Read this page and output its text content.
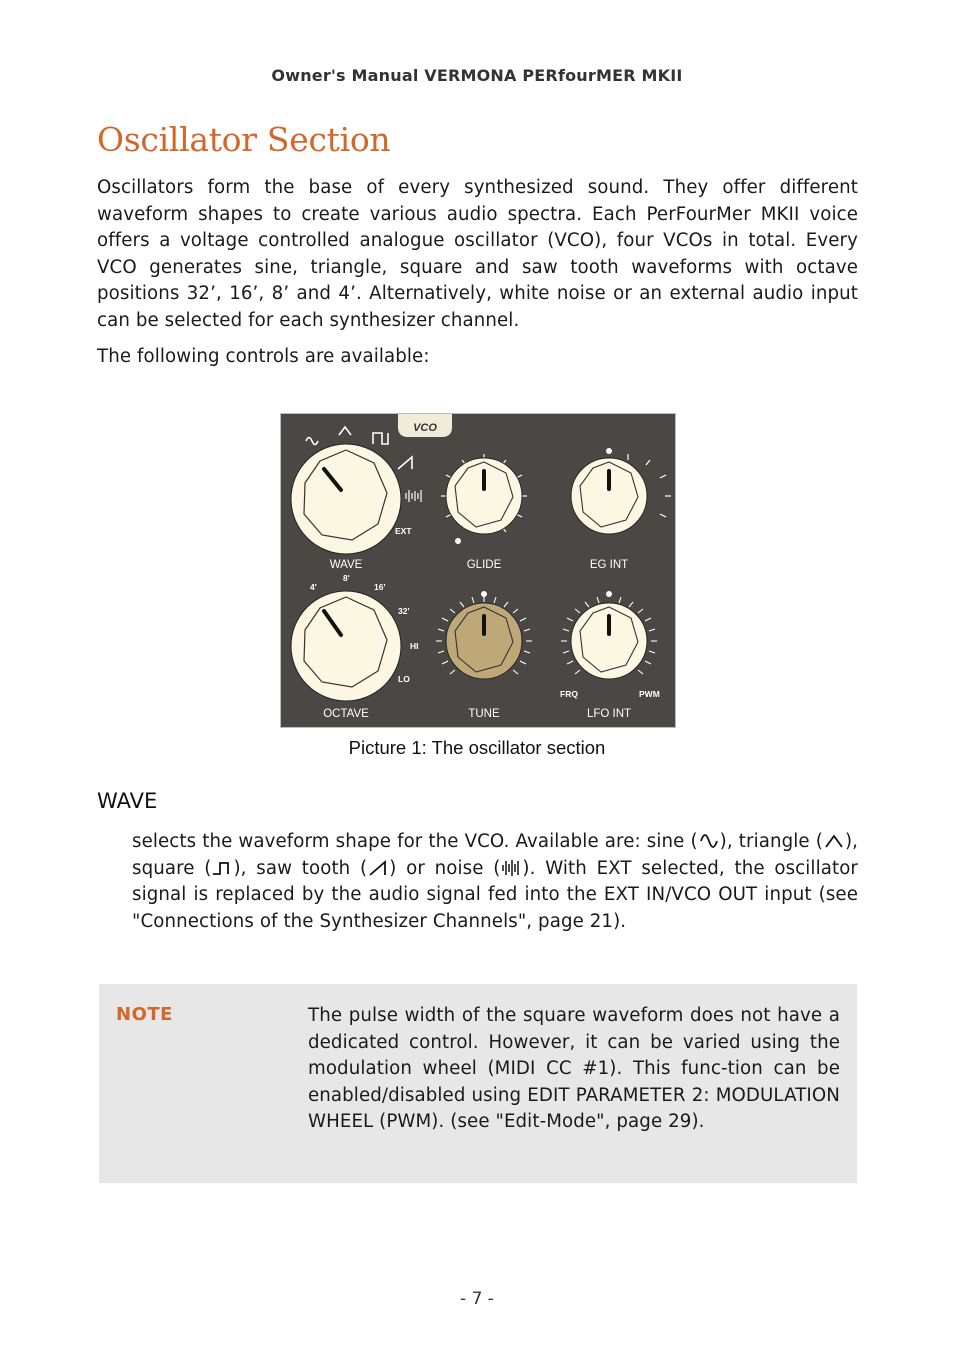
Owner's Manual VERMONA PERfourMER MKII
Oscillator Section
Oscillators form the base of every synthesized sound. They offer different waveform shapes to create various audio spectra. Each PerFourMer MKII voice offers a voltage controlled analogue oscillator (VCO), four VCOs in total. Every VCO generates sine, triangle, square and saw tooth waveforms with octave positions 32’, 16’, 8’ and 4’. Alternatively, white noise or an external audio input can be selected for each synthesizer channel.
The following controls are available:
VCO
EXT
WAVE	GLIDE	EG INT
4'
8'
16'
32'
HI
LO
OCTAVE	TUNE
FRQ	PWM
LFO INT
Picture 1: The oscillator section
WAVE
selects the waveform shape for the VCO. Available are: sine ( ), triangle ( ), square ( ), saw tooth ( ) or noise ( ). With EXT selected, the oscillator signal is replaced by the audio signal fed into the EXT IN/VCO OUT input (see "Connections of the Synthesizer Channels", page 21).
NOTE	The pulse width of the square waveform does not have a dedicated control. However, it can be varied using the modulation wheel (MIDI CC #1). This func-tion can be enabled/disabled using EDIT PARAMETER 2: MODULATION WHEEL (PWM). (see "Edit-Mode", page 29).
- 7 -
